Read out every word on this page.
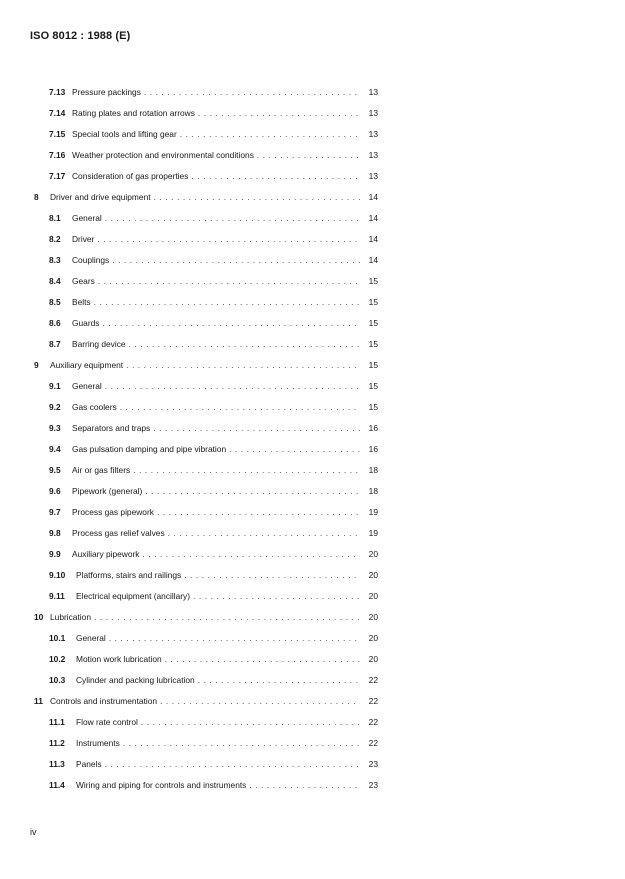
ISO 8012 : 1988 (E)
7.13 Pressure packings . . .	13
7.14 Rating plates and rotation arrows . . .	13
7.15 Special tools and lifting gear . . .	13
7.16 Weather protection and environmental conditions . . .	13
7.17 Consideration of gas properties . . .	13
8 Driver and drive equipment . . .	14
8.1 General . . .	14
8.2 Driver . . .	14
8.3 Couplings . . .	14
8.4 Gears . . .	15
8.5 Belts . . .	15
8.6 Guards . . .	15
8.7 Barring device . . .	15
9 Auxiliary equipment . . .	15
9.1 General . . .	15
9.2 Gas coolers . . .	15
9.3 Separators and traps . . .	16
9.4 Gas pulsation damping and pipe vibration . . .	16
9.5 Air or gas filters . . .	18
9.6 Pipework (general) . . .	18
9.7 Process gas pipework . . .	19
9.8 Process gas relief valves . . .	19
9.9 Auxiliary pipework . . .	20
9.10 Platforms, stairs and railings . . .	20
9.11 Electrical equipment (ancillary) . . .	20
10 Lubrication . . .	20
10.1 General . . .	20
10.2 Motion work lubrication . . .	20
10.3 Cylinder and packing lubrication . . .	22
11 Controls and instrumentation . . .	22
11.1 Flow rate control . . .	22
11.2 Instruments . . .	22
11.3 Panels . . .	23
11.4 Wiring and piping for controls and instruments . . .	23
iv
